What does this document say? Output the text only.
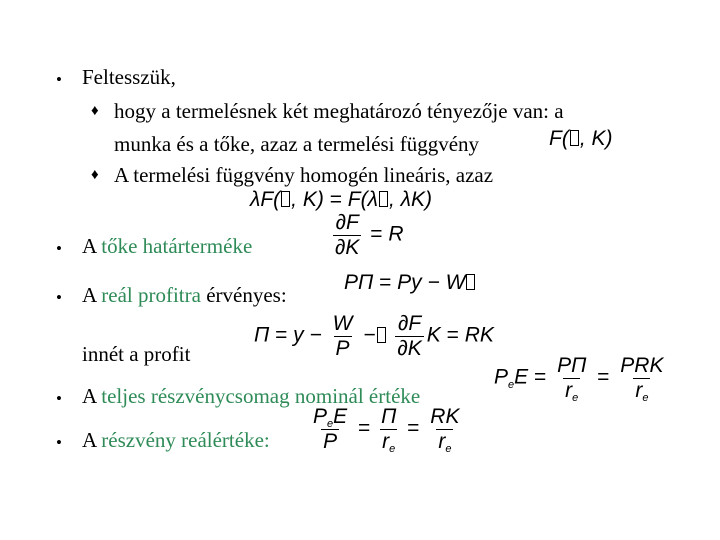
• Feltesszük,
♦ hogy a termelésnek két meghatározó tényezője van: a
munka és a tőke, azaz a termelési függvény	F( , K)
♦ A termelési függvény homogén lineáris, azaz
λF( , K) = F(λ , λK)
• A tőke határterméke	$\frac{\partial F}{\partial K} = R$
• A reál profitra érvényes:
PΠ = Py − W
innét a profit
$\Pi = y - \frac{W}{P} - \frac{\partial F}{\partial K}$ K = RK
• A teljes részvénycsomag nominál értéke
PeE = $\frac{P\Pi}{re} = \frac{\text{PRK}}{re}$
• A részvény reálértéke: $\frac{\text{PeE}}{P} = \frac{\Pi}{re} = \frac{RK}{re}$
